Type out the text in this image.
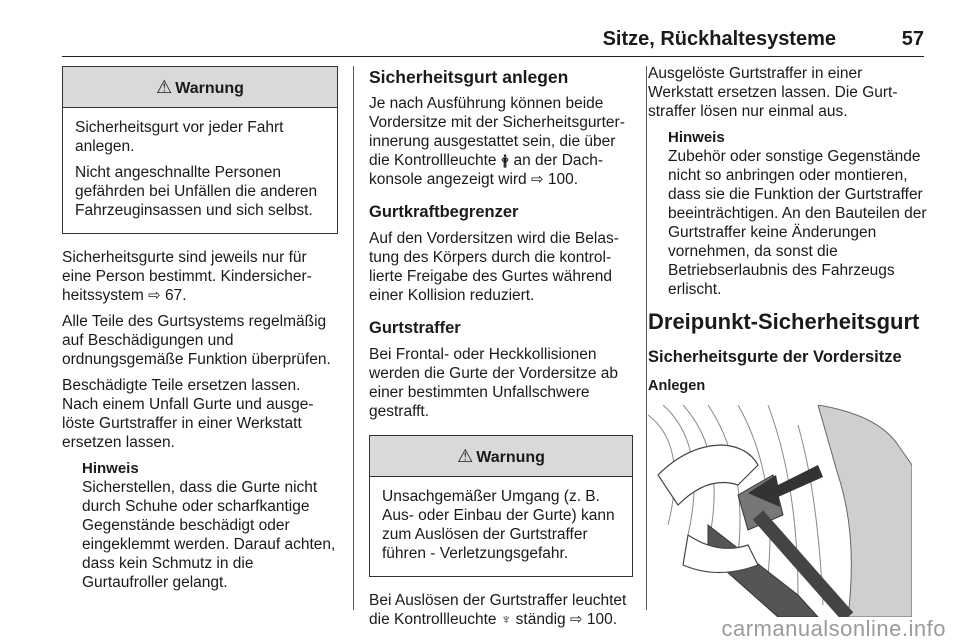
Sitze, Rückhaltesysteme	57
⚠ Warnung

Sicherheitsgurt vor jeder Fahrt anlegen.

Nicht angeschnallte Personen gefährden bei Unfällen die anderen Fahrzeuginsassen und sich selbst.

Sicherheitsgurte sind jeweils nur für eine Person bestimmt. Kindersicherheitssystem ⇨ 67.

Alle Teile des Gurtsystems regelmäßig auf Beschädigungen und ordnungsgemäße Funktion überprüfen.

Beschädigte Teile ersetzen lassen. Nach einem Unfall Gurte und ausgelöste Gurtstraffer in einer Werkstatt ersetzen lassen.

Hinweis
Sicherstellen, dass die Gurte nicht durch Schuhe oder scharfkantige Gegenstände beschädigt oder eingeklemmt werden. Darauf achten, dass kein Schmutz in die Gurtaufroller gelangt.
Sicherheitsgurt anlegen

Je nach Ausführung können beide Vordersitze mit der Sicherheitsgurterinnerung ausgestattet sein, die über die Kontrollleuchte 🛉 an der Dachkonsole angezeigt wird ⇨ 100.

Gurtkraftbegrenzer

Auf den Vordersitzen wird die Belastung des Körpers durch die kontrollierte Freigabe des Gurtes während einer Kollision reduziert.

Gurtstraffer

Bei Frontal- oder Heckkollisionen werden die Gurte der Vordersitze ab einer bestimmten Unfallschwere gestrafft.

⚠ Warnung

Unsachgemäßer Umgang (z. B. Aus- oder Einbau der Gurte) kann zum Auslösen der Gurtstraffer führen - Verletzungsgefahr.

Bei Auslösen der Gurtstraffer leuchtet die Kontrollleuchte ♆ ständig ⇨ 100.

Ausgelöste Gurtstraffer in einer Werkstatt ersetzen lassen. Die Gurtstraffer lösen nur einmal aus.

Hinweis
Zubehör oder sonstige Gegenstände nicht so anbringen oder montieren, dass sie die Funktion der Gurtstraffer beeinträchtigen. An den Bauteilen der Gurtstraffer keine Änderungen vornehmen, da sonst die Betriebserlaubnis des Fahrzeugs erlischt.
Dreipunkt-Sicherheitsgurt
Sicherheitsgurte der Vordersitze
Anlegen
carmanualsonline.info
